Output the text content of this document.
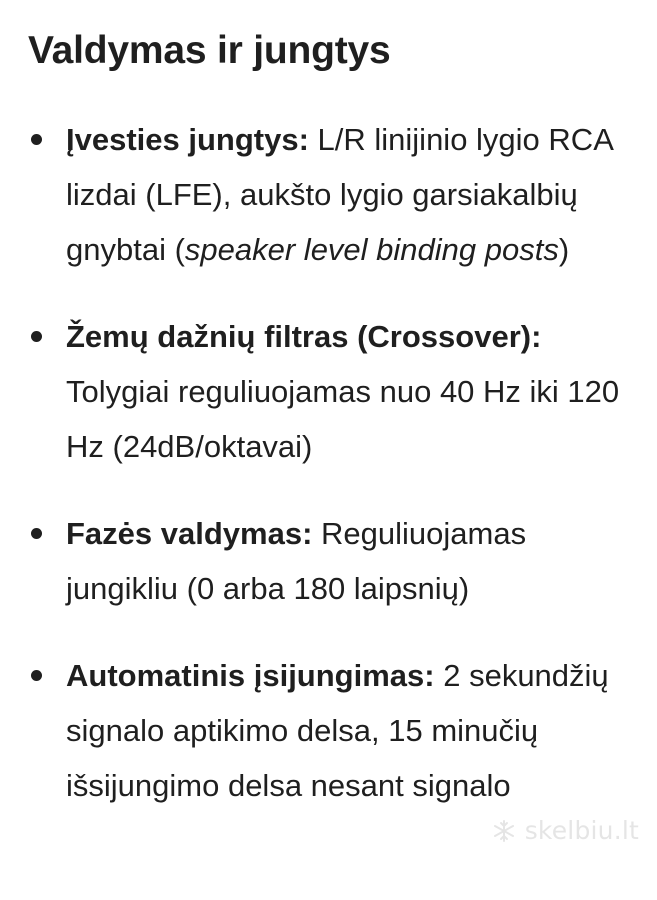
Valdymas ir jungtys
Įvesties jungtys: L/R linijinio lygio RCA lizdai (LFE), aukšto lygio garsiakalbių gnybtai (speaker level binding posts)
Žemų dažnių filtras (Crossover): Tolygiai reguliuojamas nuo 40 Hz iki 120 Hz (24dB/oktavai)
Fazės valdymas: Reguliuojamas jungikliu (0 arba 180 laipsnių)
Automatinis įsijungimas: 2 sekundžių signalo aptikimo delsa, 15 minučių išsijungimo delsa nesant signalo
skelbiu.lt
